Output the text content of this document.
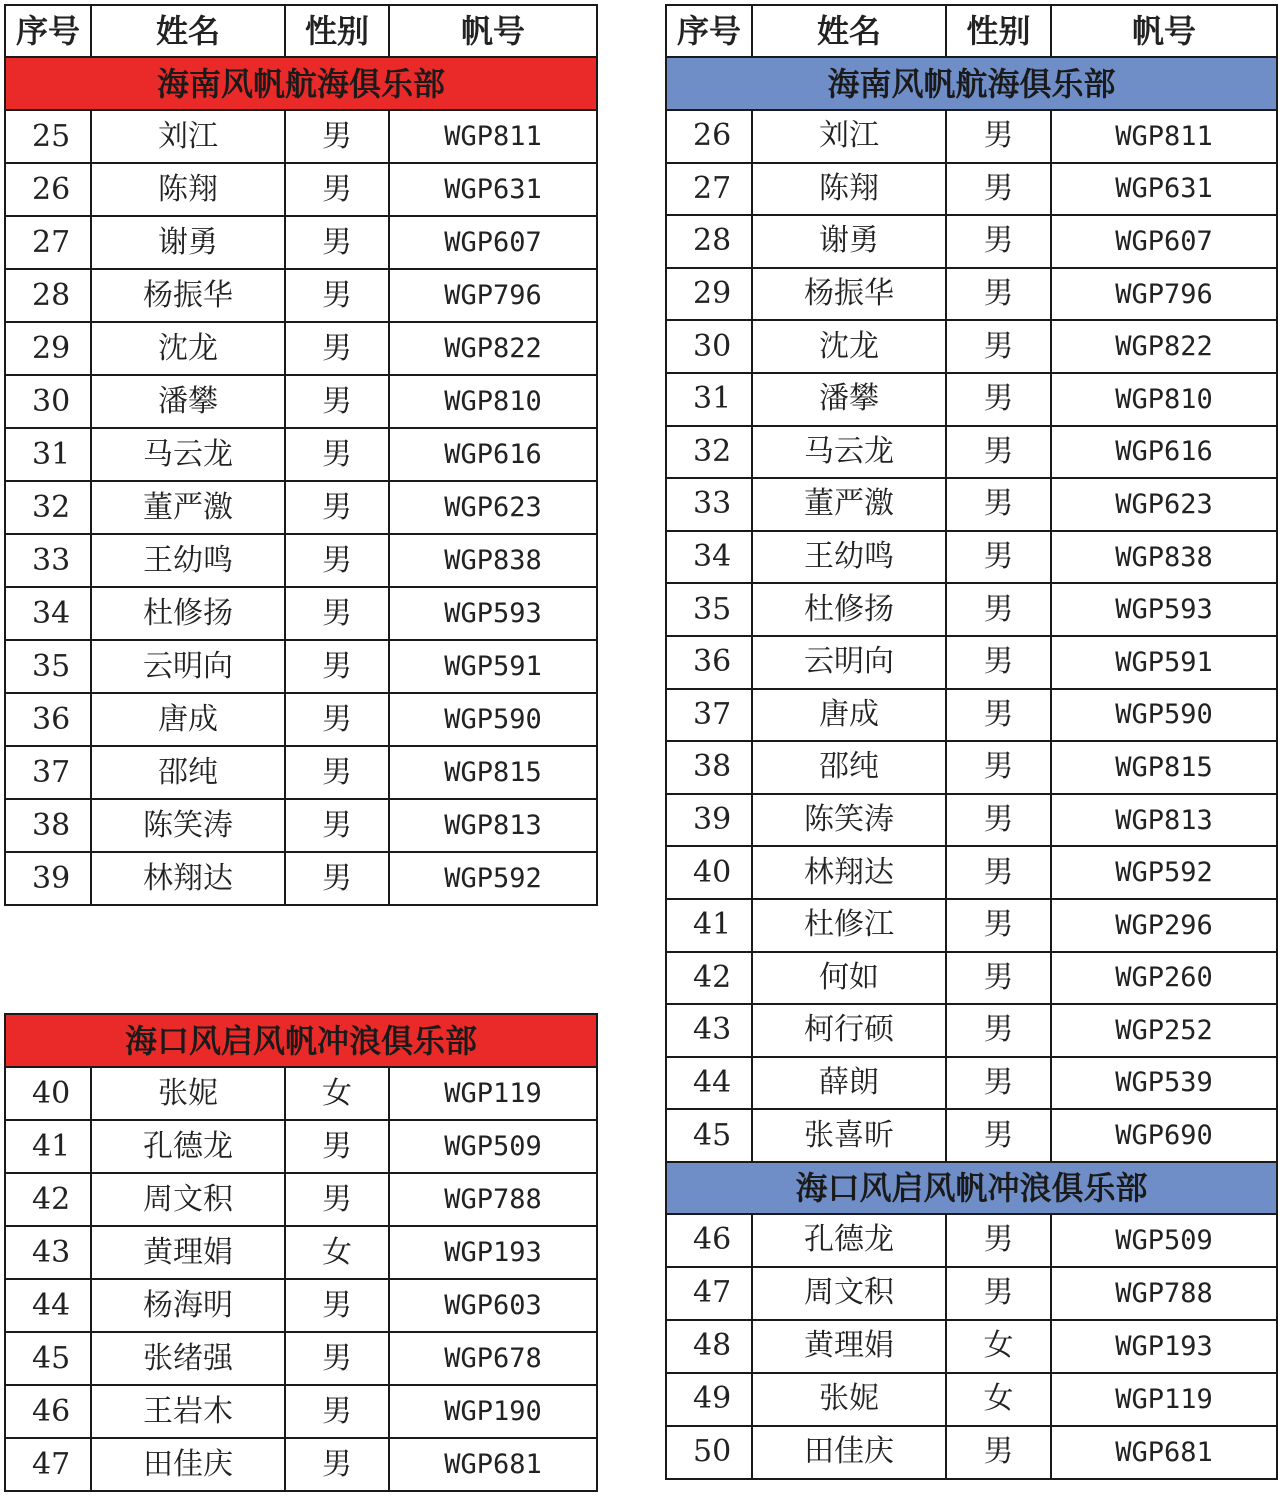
序号	姓名	性别	帆号
海南风帆航海俱乐部			
25	刘江	男	WGP811
26	陈翔	男	WGP631
27	谢勇	男	WGP607
28	杨振华	男	WGP796
29	沈龙	男	WGP822
30	潘攀	男	WGP810
31	马云龙	男	WGP616
32	董严激	男	WGP623
33	王幼鸣	男	WGP838
34	杜修扬	男	WGP593
35	云明向	男	WGP591
36	唐成	男	WGP590
37	邵纯	男	WGP815
38	陈笑涛	男	WGP813
39	林翔达	男	WGP592
海口风启风帆冲浪俱乐部			
40	张妮	女	WGP119
41	孔德龙	男	WGP509
42	周文积	男	WGP788
43	黄理娟	女	WGP193
44	杨海明	男	WGP603
45	张绪强	男	WGP678
46	王岩木	男	WGP190
47	田佳庆	男	WGP681
序号	姓名	性别	帆号
海南风帆航海俱乐部			
26	刘江	男	WGP811
27	陈翔	男	WGP631
28	谢勇	男	WGP607
29	杨振华	男	WGP796
30	沈龙	男	WGP822
31	潘攀	男	WGP810
32	马云龙	男	WGP616
33	董严激	男	WGP623
34	王幼鸣	男	WGP838
35	杜修扬	男	WGP593
36	云明向	男	WGP591
37	唐成	男	WGP590
38	邵纯	男	WGP815
39	陈笑涛	男	WGP813
40	林翔达	男	WGP592
41	杜修江	男	WGP296
42	何如	男	WGP260
43	柯行硕	男	WGP252
44	薛朗	男	WGP539
45	张喜昕	男	WGP690
海口风启风帆冲浪俱乐部			
46	孔德龙	男	WGP509
47	周文积	男	WGP788
48	黄理娟	女	WGP193
49	张妮	女	WGP119
50	田佳庆	男	WGP681
